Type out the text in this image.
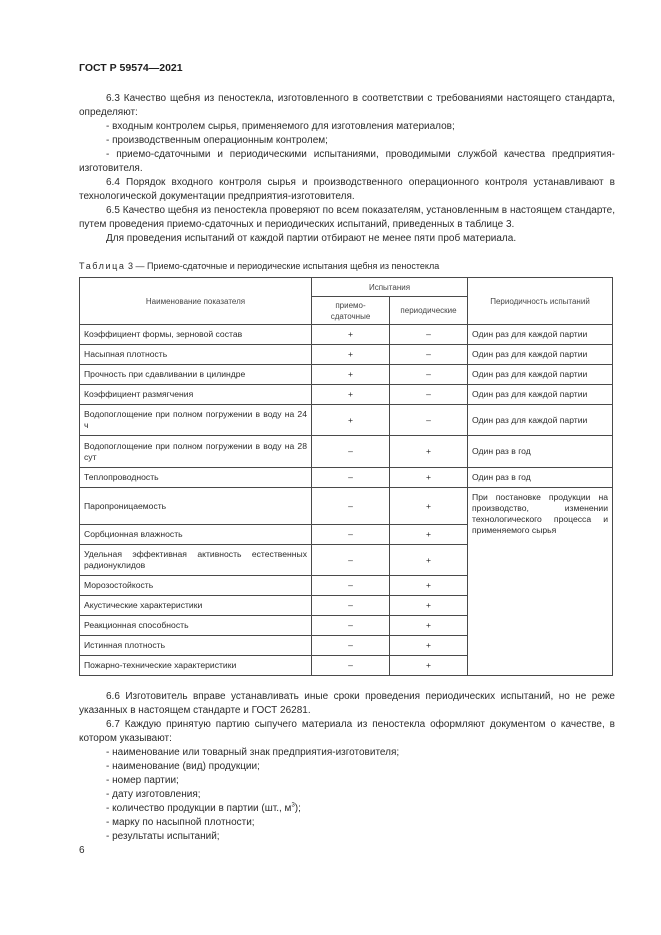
ГОСТ Р 59574—2021

6.3 Качество щебня из пеностекла, изготовленного в соответствии с требованиями настоящего стандарта, определяют:

- входным контролем сырья, применяемого для изготовления материалов;

- производственным операционным контролем;

- приемо-сдаточными и периодическими испытаниями, проводимыми службой качества предприятия-изготовителя.

6.4 Порядок входного контроля сырья и производственного операционного контроля устанавливают в технологической документации предприятия-изготовителя.

6.5 Качество щебня из пеностекла проверяют по всем показателям, установленным в настоящем стандарте, путем проведения приемо-сдаточных и периодических испытаний, приведенных в таблице 3.

Для проведения испытаний от каждой партии отбирают не менее пяти проб материала.

Таблица 3 — Приемо-сдаточные и периодические испытания щебня из пеностекла
Наименование показателя	Испытания		Периодичность испытаний
	приемо-сдаточные	периодические	
Коэффициент формы, зерновой состав	+	–	Один раз для каждой партии
Насыпная плотность	+	–	Один раз для каждой партии
Прочность при сдавливании в цилиндре	+	–	Один раз для каждой партии
Коэффициент размягчения	+	–	Один раз для каждой партии
Водопоглощение при полном погружении в воду на 24 ч	+	–	Один раз для каждой партии
Водопоглощение при полном погружении в воду на 28 сут	–	+	Один раз в год
Теплопроводность	–	+	Один раз в год
Паропроницаемость	–	+	При постановке продукции на производство, изменении технологического процесса и применяемого сырья
Сорбционная влажность	–	+	
Удельная эффективная активность естественных радионуклидов	–	+	
Морозостойкость	–	+	
Акустические характеристики	–	+	
Реакционная способность	–	+	
Истинная плотность	–	+	
Пожарно-технические характеристики	–	+	

6.6 Изготовитель вправе устанавливать иные сроки проведения периодических испытаний, но не реже указанных в настоящем стандарте и ГОСТ 26281.

6.7 Каждую принятую партию сыпучего материала из пеностекла оформляют документом о качестве, в котором указывают:

- наименование или товарный знак предприятия-изготовителя;

- наименование (вид) продукции;

- номер партии;

- дату изготовления;

- количество продукции в партии (шт., $м^3$);

- марку по насыпной плотности;

- результаты испытаний;

6
